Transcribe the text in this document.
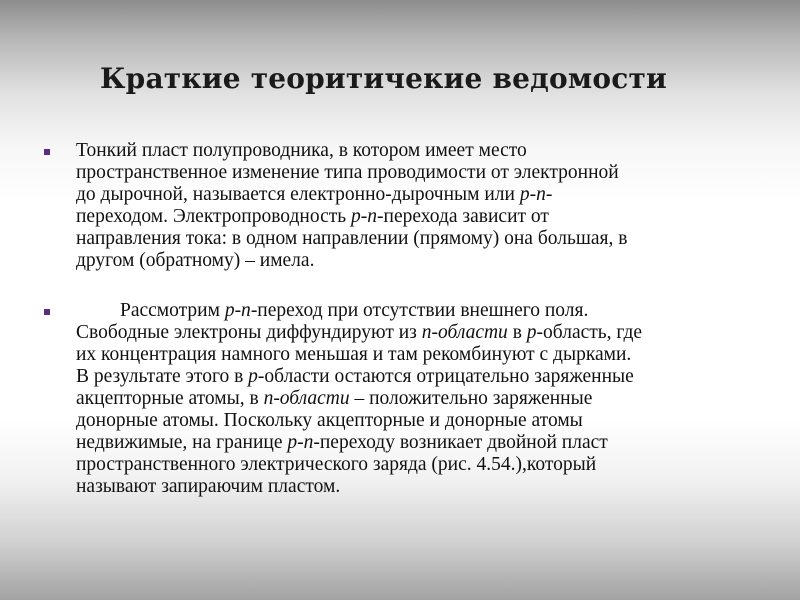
Краткие теоритичекие ведомости
Тонкий пласт полупроводника, в котором имеет место
пространственное изменение типа проводимости от электронной
до дырочной, называется електронно-дырочным или p-n-
переходом. Электропроводность p-n-перехода зависит от
направления тока: в одном направлении (прямому) она большая, в
другом (обратному) – имела.
Рассмотрим p-n-переход при отсутствии внешнего поля.
Свободные электроны диффундируют из n-области в p-область, где
их концентрация намного меньшая и там рекомбинуют с дырками.
В результате этого в p-области остаются отрицательно заряженные
акцепторные атомы, в n-области – положительно заряженные
донорные атомы. Поскольку акцепторные и донорные атомы
недвижимые, на границе p-n-переходу возникает двойной пласт
пространственного электрического заряда (рис. 4.54.),который
называют запираючим пластом.
